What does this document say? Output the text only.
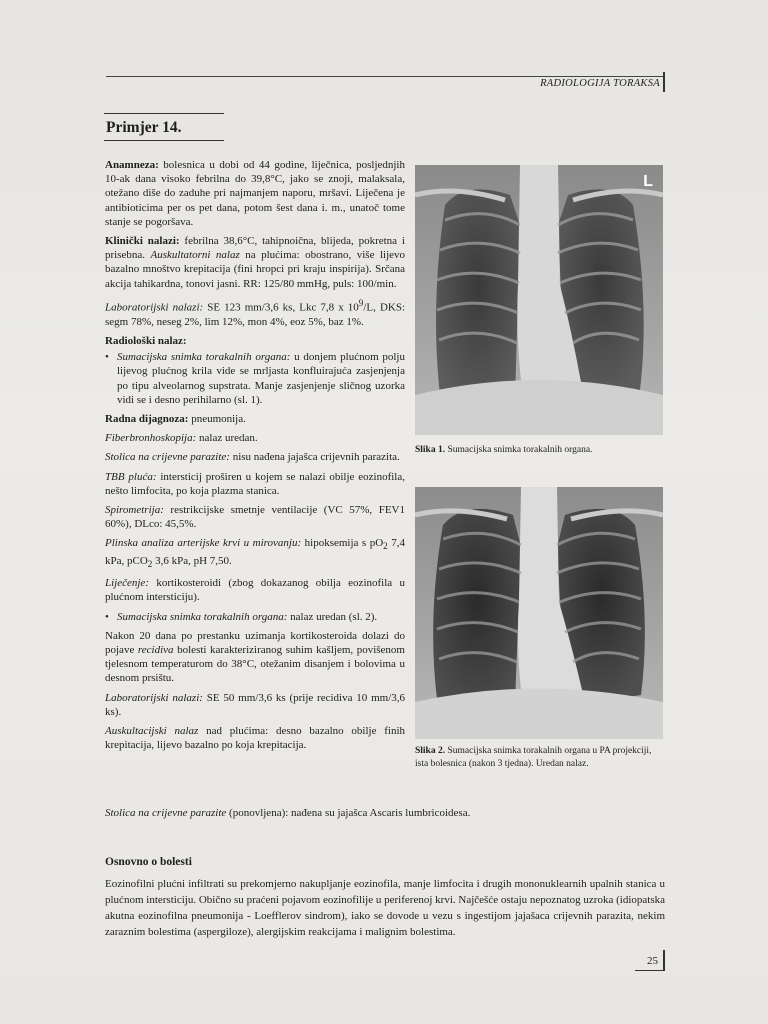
RADIOLOGIJA TORAKSA
Primjer 14.

Anamneza: bolesnica u dobi od 44 godine, liječnica, posljednjih 10-ak dana visoko febrilna do 39,8°C, jako se znoji, malaksala, otežano diše do zaduhe pri najmanjem naporu, mršavi. Liječena je antibioticima per os pet dana, potom šest dana i. m., unatoč tome stanje se pogoršava.

Klinički nalazi: febrilna 38,6°C, tahipnoična, blijeda, pokretna i prisebna. Auskultatorni nalaz na plućima: obostrano, više lijevo bazalno mnoštvo krepitacija (fini hropci pri kraju inspirija). Srčana akcija tahikardna, tonovi jasni. RR: 125/80 mmHg, puls: 100/min.

Laboratorijski nalazi: SE 123 mm/3,6 ks, Lkc 7,8 x $10^9/L$, DKS: segm 78%, neseg 2%, lim 12%, mon 4%, eoz 5%, baz 1%.

Radiološki nalaz:

• Sumacijska snimka torakalnih organa: u donjem plućnom polju lijevog plućnog krila vide se mrljasta konfluirajuća zasjenjenja po tipu alveolarnog supstrata. Manje zasjenjenje sličnog uzorka vidi se i desno perihilarno (sl. 1).

Radna dijagnoza: pneumonija.

Fiberbronhoskopija: nalaz uredan.

Stolica na crijevne parazite: nisu nađena jajašca crijevnih parazita.

TBB pluća: intersticij proširen u kojem se nalazi obilje eozinofila, nešto limfocita, po koja plazma stanica.

Spirometrija: restrikcijske smetnje ventilacije (VC 57%, FEV1 60%), DLco: 45,5%.

Plinska analiza arterijske krvi u mirovanju: hipoksemija s $pO_2$ 7,4 kPa, pCO$_2$ 3,6 kPa, pH 7,50.

Liječenje: kortikosteroidi (zbog dokazanog obilja eozinofila u plućnom intersticiju).

• Sumacijska snimka torakalnih organa: nalaz uredan (sl. 2).

Nakon 20 dana po prestanku uzimanja kortikosteroida dolazi do pojave recidiva bolesti karakteriziranog suhim kašljem, povišenom tjelesnom temperaturom do 38°C, otežanim disanjem i bolovima u desnom prsištu.

Laboratorijski nalazi: SE 50 mm/3,6 ks (prije recidiva 10 mm/3,6 ks).

Auskultacijski nalaz nad plućima: desno bazalno obilje finih krepitacija, lijevo bazalno po koja krepitacija.

Stolica na crijevne parazite (ponovljena): nađena su jajašca Ascaris lumbricoidesa.
L
Slika 1. Sumacijska snimka torakalnih organa.
Slika 2. Sumacijska snimka torakalnih organa u PA projekciji, ista bolesnica (nakon 3 tjedna). Uredan nalaz.
Osnovno o bolesti
Eozinofilni plućni infiltrati su prekomjerno nakupljanje eozinofila, manje limfocita i drugih mononuklearnih upalnih stanica u plućnom intersticiju. Obično su praćeni pojavom eozinofilije u periferenoj krvi. Najčešće ostaju nepoznatog uzroka (idiopatska akutna eozinofilna pneumonija - Loefflerov sindrom), iako se dovode u vezu s ingestijom jajašaca crijevnih parazita, nekim zaraznim bolestima (aspergiloze), alergijskim reakcijama i malignim bolestima.
25
